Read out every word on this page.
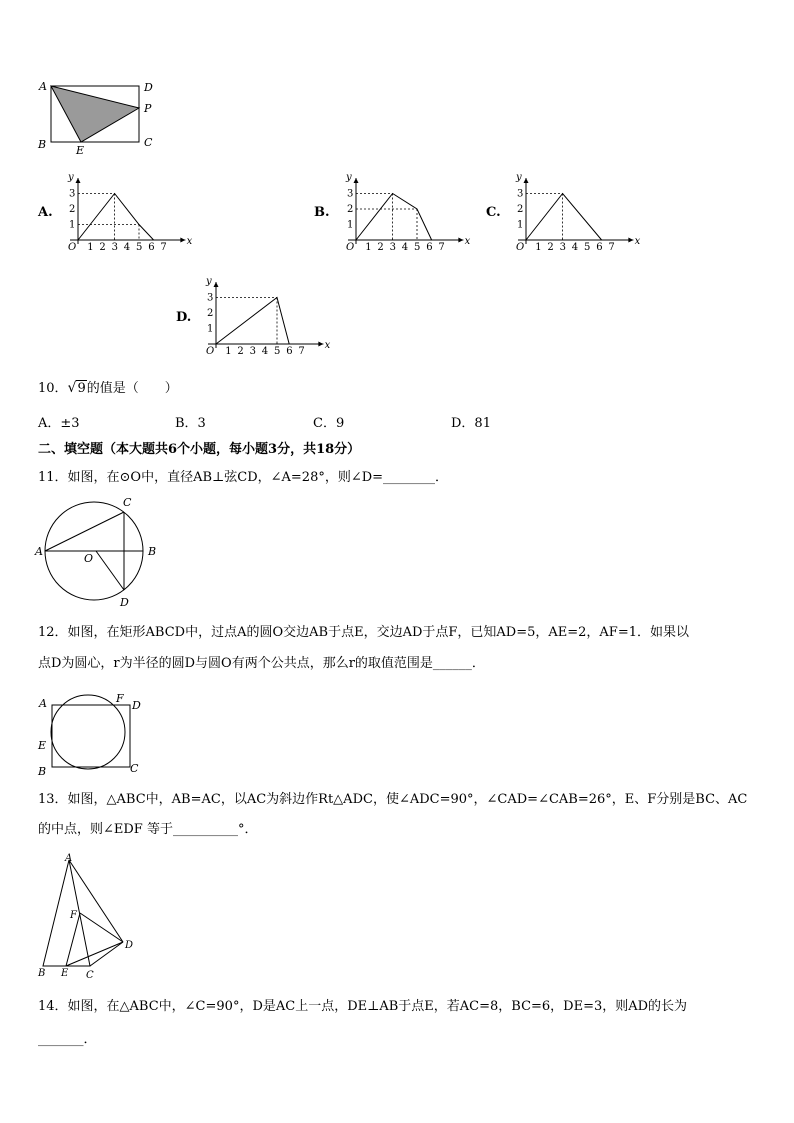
A	D
P
B	C
E
A.
y
x
O 1 2 3 4 5 6 7
1
2
3
B.
y
x
O 1 2 3 4 5 6 7
1
2
3
C.
y
x
O 1 2 3 4 5 6 7
1
2
3
D.
y
x
O 1 2 3 4 5 6 7
1
2
3
10．√9的值是（　　）
A．±3	B．3	C．9	D．81
二、填空题（本大题共6个小题，每小题3分，共18分）
11．如图，在⊙O中，直径AB⊥弦CD，∠A=28°，则∠D=________．
A	B
C
D
O
12．如图，在矩形ABCD中，过点A的圆O交边AB于点E，交边AD于点F，已知AD=5，AE=2，AF=1．如果以
点D为圆心，r为半径的圆D与圆O有两个公共点，那么r的取值范围是______．
A	F
D
E
B	C
13．如图，△ABC中，AB=AC，以AC为斜边作Rt△ADC，使∠ADC=90°，∠CAD=∠CAB=26°，E、F分别是BC、AC
的中点，则∠EDF 等于__________°．
A
F
D
B E C
14．如图，在△ABC中，∠C=90°，D是AC上一点，DE⊥AB于点E，若AC=8，BC=6，DE=3，则AD的长为
_______．
